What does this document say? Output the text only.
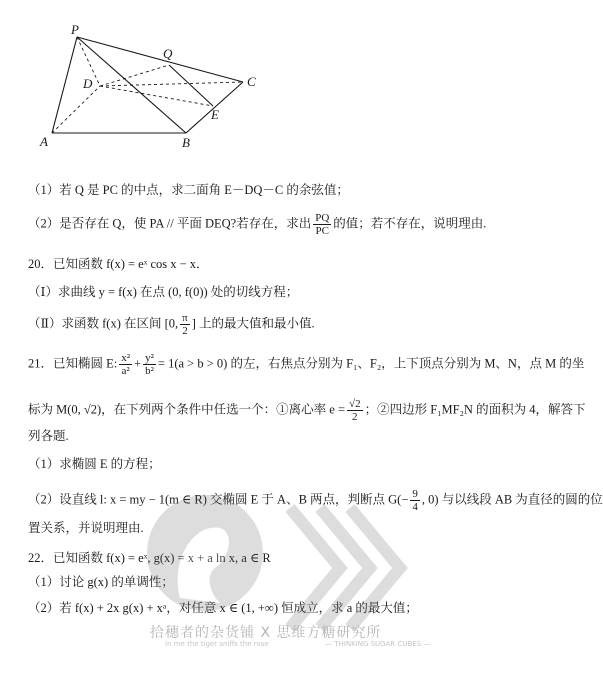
P
Q
D	C
E
A	B
（1）若 Q 是 PC 的中点，求二面角 E－DQ－C 的余弦值；
（2）是否存在 Q，使 PA // 平面 DEQ?若存在，求出 $\frac{PQ}{PC}$ 的值；若不存在，说明理由.
20．已知函数 f(x) = eˣ cos x − x．
（Ⅰ）求曲线 y = f(x) 在点 (0, f(0)) 处的切线方程；
（Ⅱ）求函数 f(x) 在区间 [0, $\frac{\pi}{2}$ ] 上的最大值和最小值.
21．已知椭圆 E: $\frac{\text{x²}}{\text{a²}} + \frac{\text{y²}}{\text{b²}} = 1(a > b > 0)$ 的左，右焦点分别为 F₁、F₂，上下顶点分别为 M、N，点 M 的坐
标为 M(0, √2)，在下列两个条件中任选一个：①离心率 $e = \frac{√2}{2}$ ；②四边形 F₁MF₂N 的面积为 4，解答下
列各题.
（1）求椭圆 E 的方程；
（2）设直线 l: x = my − 1(m ∈ R) 交椭圆 E 于 A、B 两点，判断点 $G(- \frac{9}{4}$ , 0) 与以线段 AB 为直径的圆的位
置关系，并说明理由.
22．已知函数 f(x) = eˣ, g(x) = x + a ln x, a ∈ R
（1）讨论 g(x) 的单调性；
（2）若 f(x) + 2x g(x) + xᵃ，对任意 x ∈ (1, +∞) 恒成立，求 a 的最大值；
拾穗者的杂货铺 X 思维方糖研究所
In me the tiger sniffs the rose	— THINKING SUGAR CUBES —
